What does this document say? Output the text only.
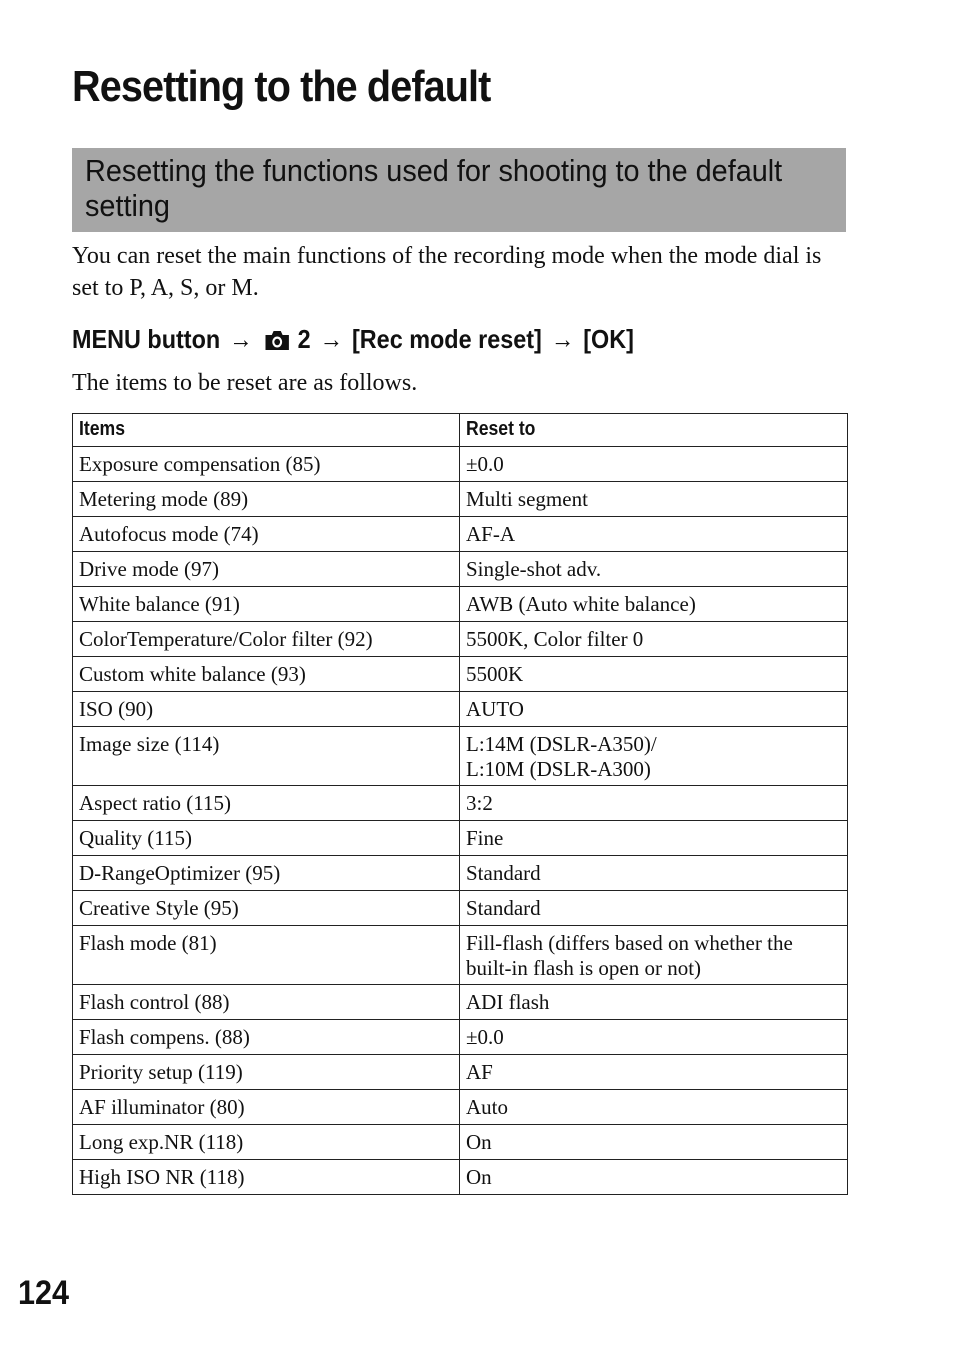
Resetting to the default
Resetting the functions used for shooting to the default setting

You can reset the main functions of the recording mode when the mode dial is set to P, A, S, or M.

MENU button → 2 → [Rec mode reset] → [OK]

The items to be reset are as follows.

Items	Reset to
Exposure compensation (85)	±0.0
Metering mode (89)	Multi segment
Autofocus mode (74)	AF-A
Drive mode (97)	Single-shot adv.
White balance (91)	AWB (Auto white balance)
ColorTemperature/Color filter (92)	5500K, Color filter 0
Custom white balance (93)	5500K
ISO (90)	AUTO
Image size (114)	L:14M (DSLR-A350)/
L:10M (DSLR-A300)
Aspect ratio (115)	3:2
Quality (115)	Fine
D-RangeOptimizer (95)	Standard
Creative Style (95)	Standard
Flash mode (81)	Fill-flash (differs based on whether the built-in flash is open or not)
Flash control (88)	ADI flash
Flash compens. (88)	±0.0
Priority setup (119)	AF
AF illuminator (80)	Auto
Long exp.NR (118)	On
High ISO NR (118)	On
124
